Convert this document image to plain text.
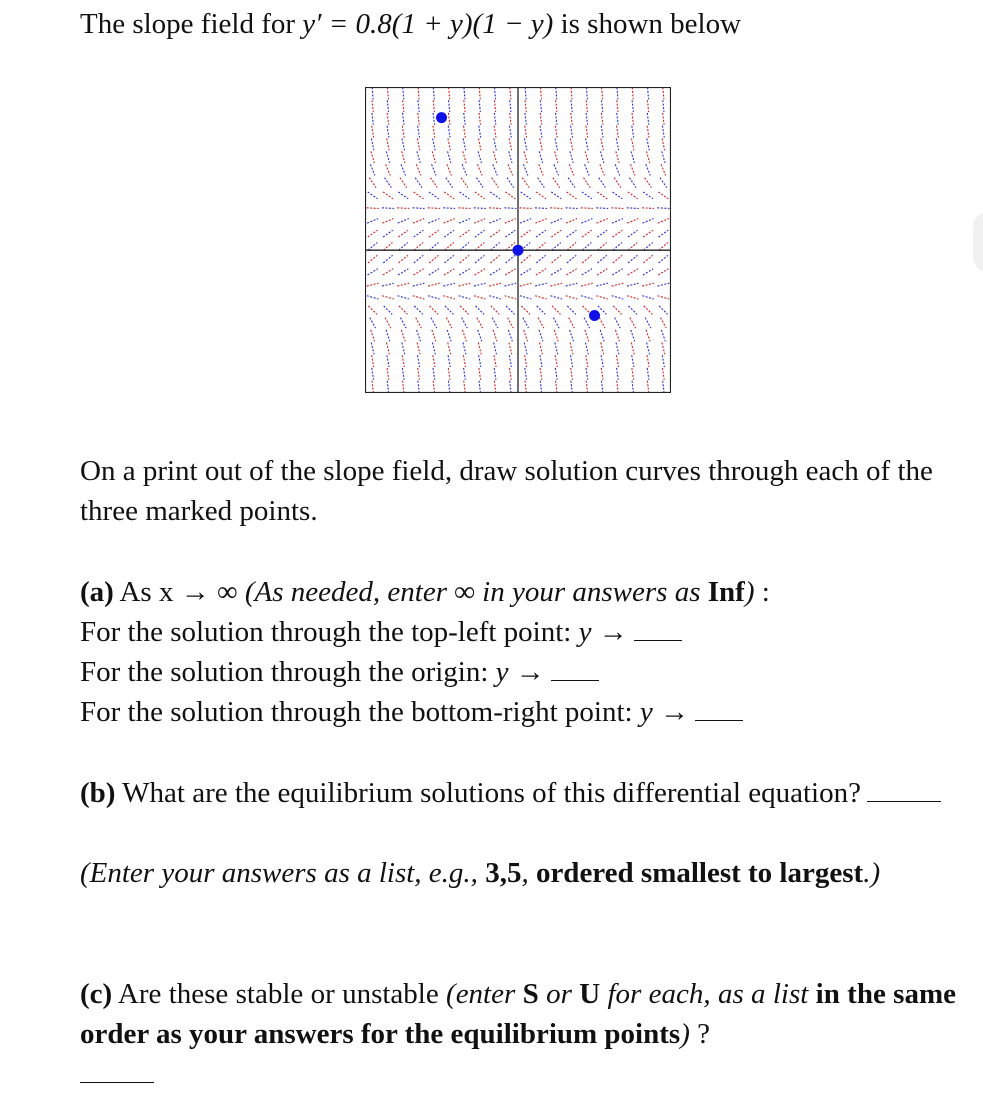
The slope field for y′ = 0.8(1 + y)(1 − y) is shown below
On a print out of the slope field, draw solution curves through each of the three marked points.
(a) As x → ∞ (As needed, enter ∞ in your answers as Inf) :
For the solution through the top-left point: y →
For the solution through the origin: y →
For the solution through the bottom-right point: y →
(b) What are the equilibrium solutions of this differential equation?
(Enter your answers as a list, e.g., 3,5, ordered smallest to largest.)
(c) Are these stable or unstable (enter S or U for each, as a list in the same order as your answers for the equilibrium points) ?
